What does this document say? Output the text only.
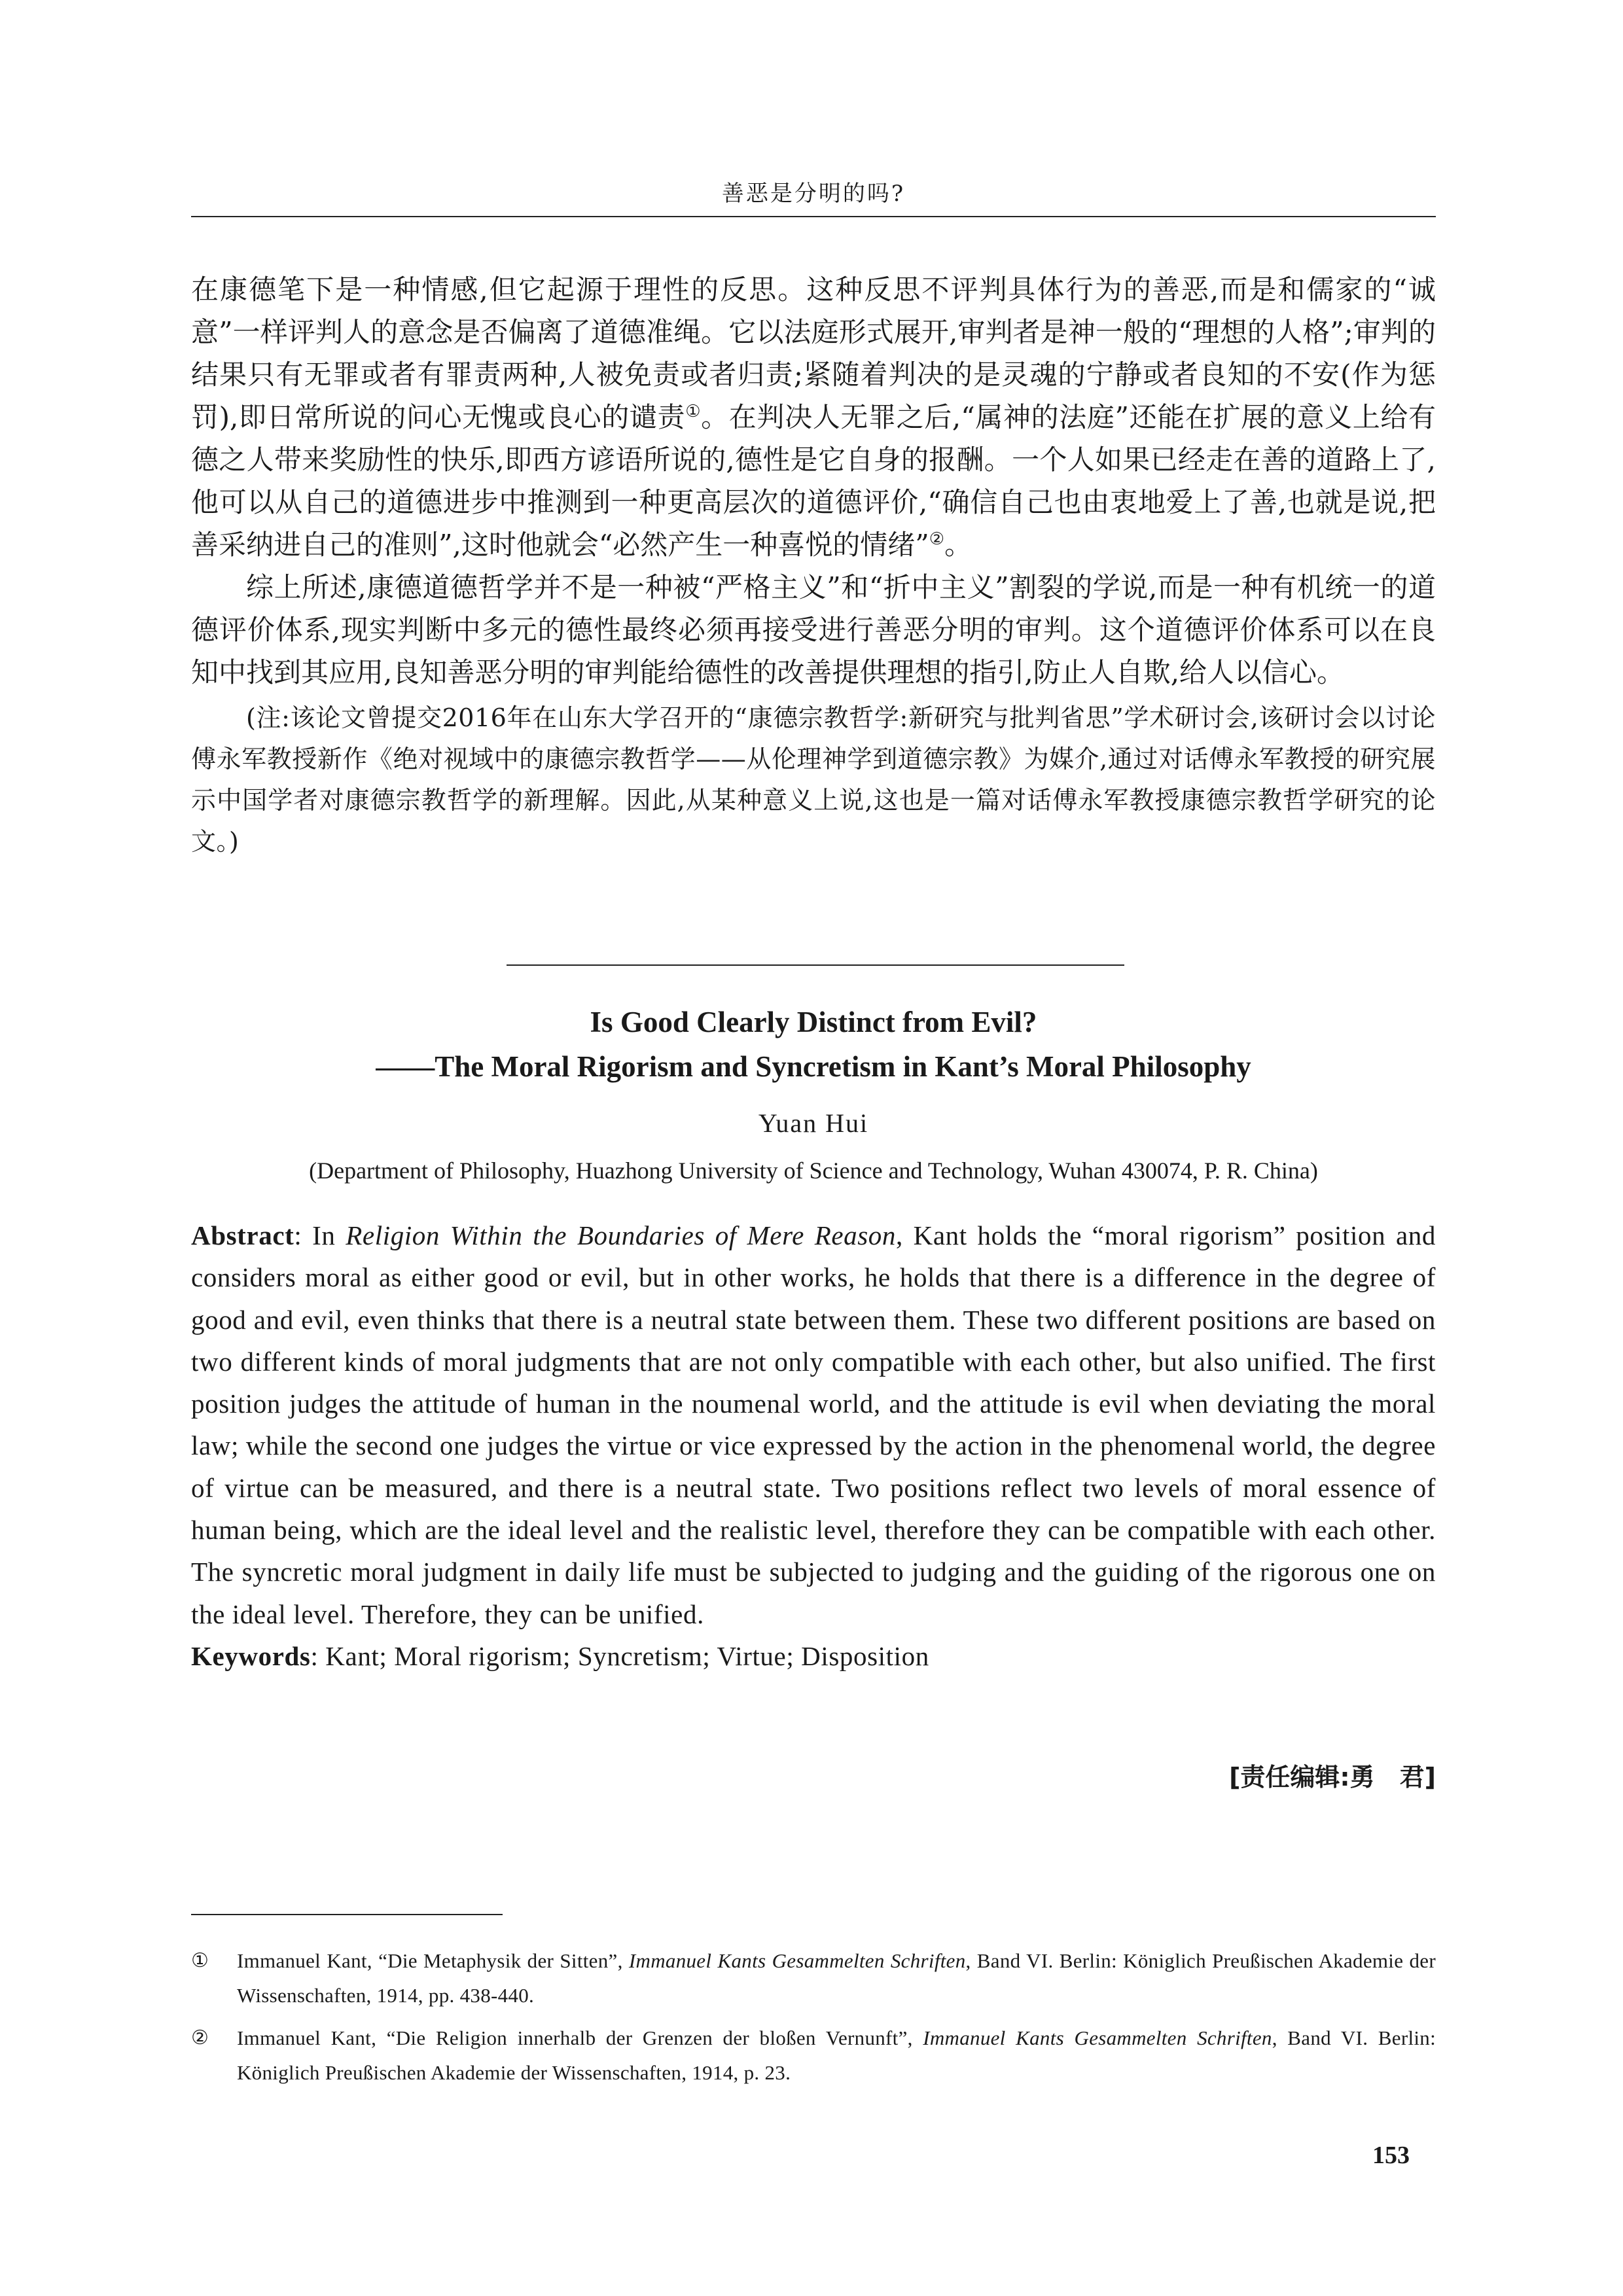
善恶是分明的吗?

在康德笔下是一种情感,但它起源于理性的反思。这种反思不评判具体行为的善恶,而是和儒家的“诚意”一样评判人的意念是否偏离了道德准绳。它以法庭形式展开,审判者是神一般的“理想的人格”;审判的结果只有无罪或者有罪责两种,人被免责或者归责;紧随着判决的是灵魂的宁静或者良知的不安(作为惩罚),即日常所说的问心无愧或良心的谴责①。在判决人无罪之后,“属神的法庭”还能在扩展的意义上给有德之人带来奖励性的快乐,即西方谚语所说的,德性是它自身的报酬。一个人如果已经走在善的道路上了,他可以从自己的道德进步中推测到一种更高层次的道德评价,“确信自己也由衷地爱上了善,也就是说,把善采纳进自己的准则”,这时他就会“必然产生一种喜悦的情绪”②。

综上所述,康德道德哲学并不是一种被“严格主义”和“折中主义”割裂的学说,而是一种有机统一的道德评价体系,现实判断中多元的德性最终必须再接受进行善恶分明的审判。这个道德评价体系可以在良知中找到其应用,良知善恶分明的审判能给德性的改善提供理想的指引,防止人自欺,给人以信心。

(注:该论文曾提交2016年在山东大学召开的“康德宗教哲学:新研究与批判省思”学术研讨会,该研讨会以讨论傅永军教授新作《绝对视域中的康德宗教哲学——从伦理神学到道德宗教》为媒介,通过对话傅永军教授的研究展示中国学者对康德宗教哲学的新理解。因此,从某种意义上说,这也是一篇对话傅永军教授康德宗教哲学研究的论文。)

Is Good Clearly Distinct from Evil?
——The Moral Rigorism and Syncretism in Kant’s Moral Philosophy
Yuan Hui
(Department of Philosophy, Huazhong University of Science and Technology, Wuhan 430074, P. R. China)

Abstract: In Religion Within the Boundaries of Mere Reason, Kant holds the “moral rigorism” position and considers moral as either good or evil, but in other works, he holds that there is a difference in the degree of good and evil, even thinks that there is a neutral state between them. These two different positions are based on two different kinds of moral judgments that are not only compatible with each other, but also unified. The first position judges the attitude of human in the noumenal world, and the attitude is evil when deviating the moral law; while the second one judges the virtue or vice expressed by the action in the phenomenal world, the degree of virtue can be measured, and there is a neutral state. Two positions reflect two levels of moral essence of human being, which are the ideal level and the realistic level, therefore they can be compatible with each other. The syncretic moral judgment in daily life must be subjected to judging and the guiding of the rigorous one on the ideal level. Therefore, they can be unified.

Keywords: Kant; Moral rigorism; Syncretism; Virtue; Disposition

[责任编辑:勇　君]
①	Immanuel Kant, “Die Metaphysik der Sitten”, Immanuel Kants Gesammelten Schriften, Band VI. Berlin: Königlich Preußischen Akademie der Wissenschaften, 1914, pp. 438-440.
②	Immanuel Kant, “Die Religion innerhalb der Grenzen der bloßen Vernunft”, Immanuel Kants Gesammelten Schriften, Band VI. Berlin: Königlich Preußischen Akademie der Wissenschaften, 1914, p. 23.
153
